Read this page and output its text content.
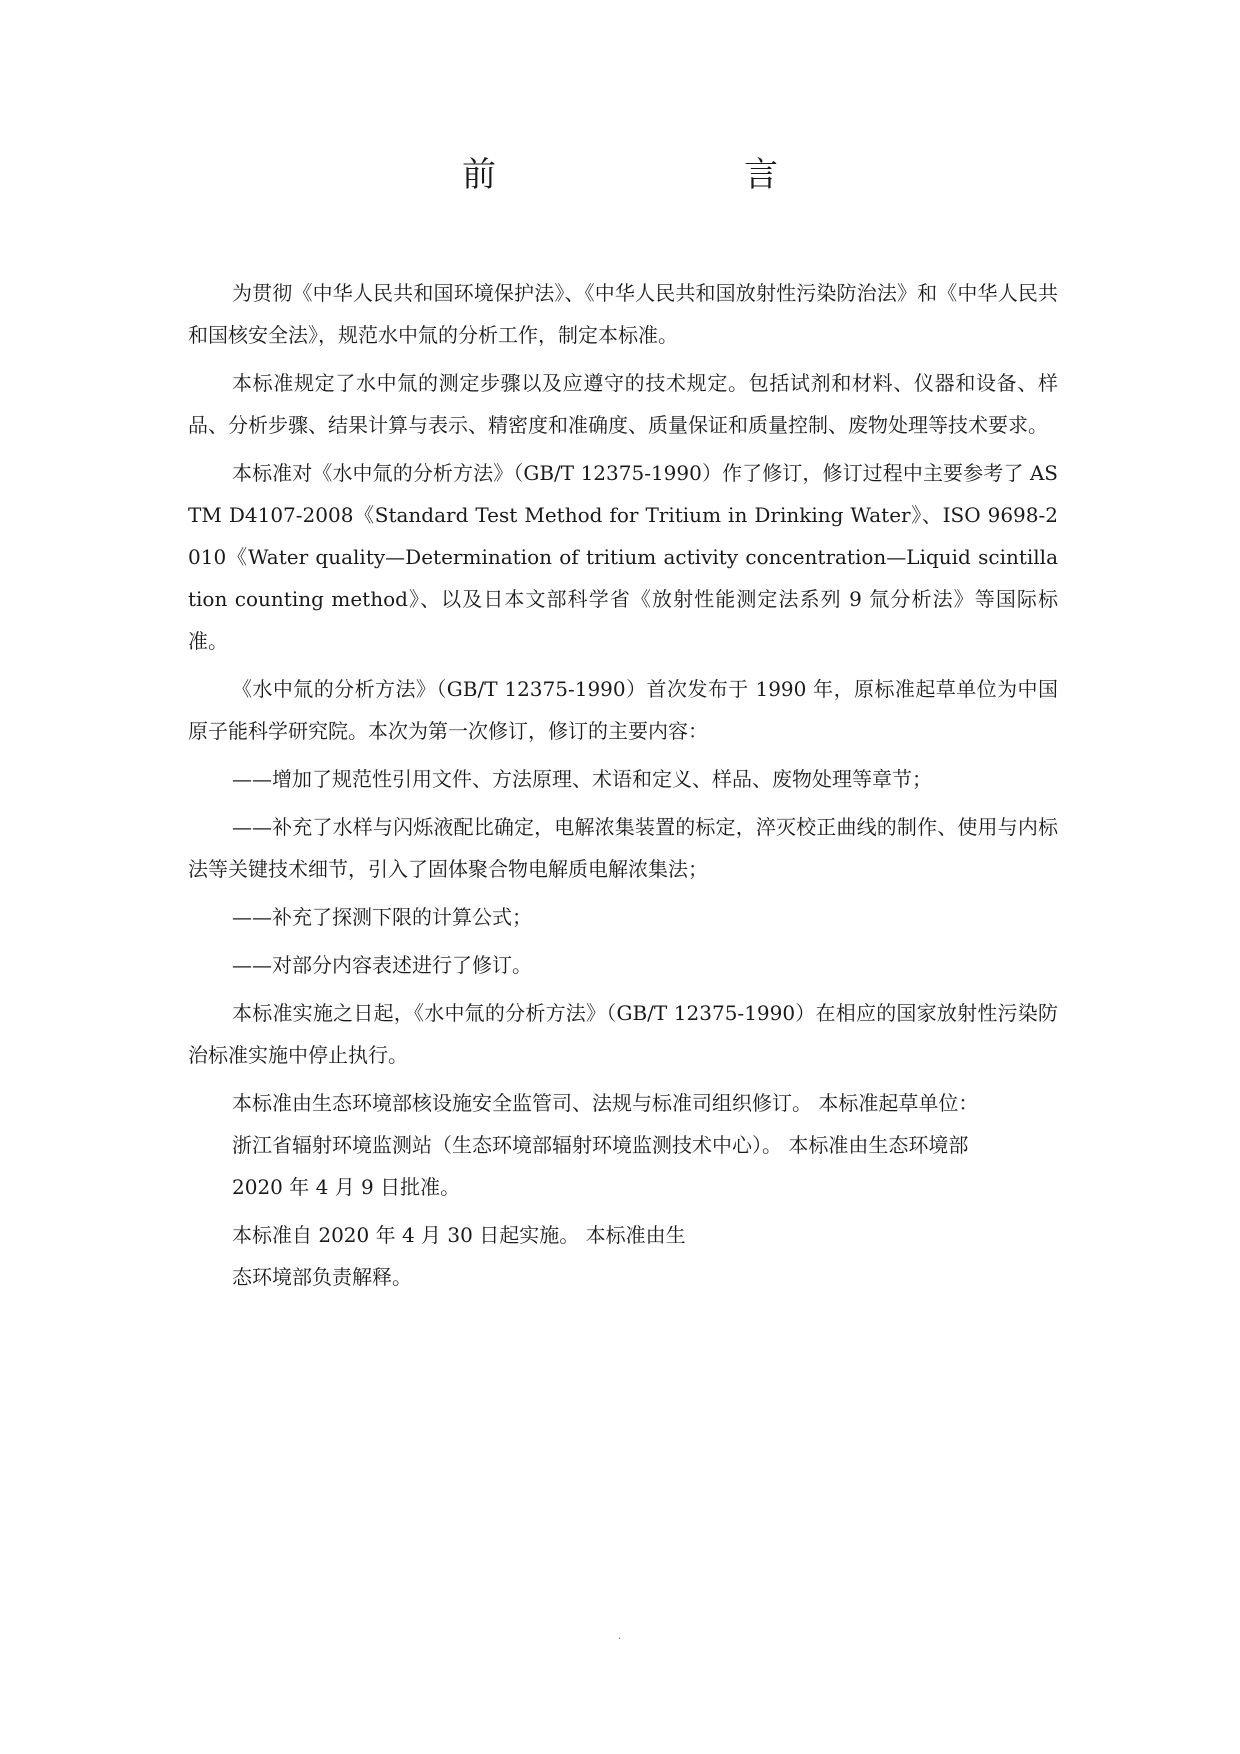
前　　言

为贯彻《中华人民共和国环境保护法》、《中华人民共和国放射性污染防治法》和《中华人民共和国核安全法》，规范水中氚的分析工作，制定本标准。

本标准规定了水中氚的测定步骤以及应遵守的技术规定。包括试剂和材料、仪器和设备、样品、分析步骤、结果计算与表示、精密度和准确度、质量保证和质量控制、废物处理等技术要求。

本标准对《水中氚的分析方法》（GB/T 12375-1990）作了修订，修订过程中主要参考了 ASTM D4107-2008《Standard Test Method for Tritium in Drinking Water》、ISO 9698-2010《Water quality—Determination of tritium activity concentration—Liquid scintillation counting method》、以及日本文部科学省《放射性能测定法系列 9 氚分析法》等国际标准。

《水中氚的分析方法》（GB/T 12375-1990）首次发布于 1990 年，原标准起草单位为中国原子能科学研究院。本次为第一次修订，修订的主要内容：

——增加了规范性引用文件、方法原理、术语和定义、样品、废物处理等章节；

——补充了水样与闪烁液配比确定，电解浓集装置的标定，淬灭校正曲线的制作、使用与内标法等关键技术细节，引入了固体聚合物电解质电解浓集法；

——补充了探测下限的计算公式；

——对部分内容表述进行了修订。

本标准实施之日起，《水中氚的分析方法》（GB/T 12375-1990）在相应的国家放射性污染防治标准实施中停止执行。

本标准由生态环境部核设施安全监管司、法规与标准司组织修订。 本标准起草单位：

浙江省辐射环境监测站（生态环境部辐射环境监测技术中心）。 本标准由生态环境部

2020 年 4 月 9 日批准。

本标准自 2020 年 4 月 30 日起实施。 本标准由生

态环境部负责解释。

.
